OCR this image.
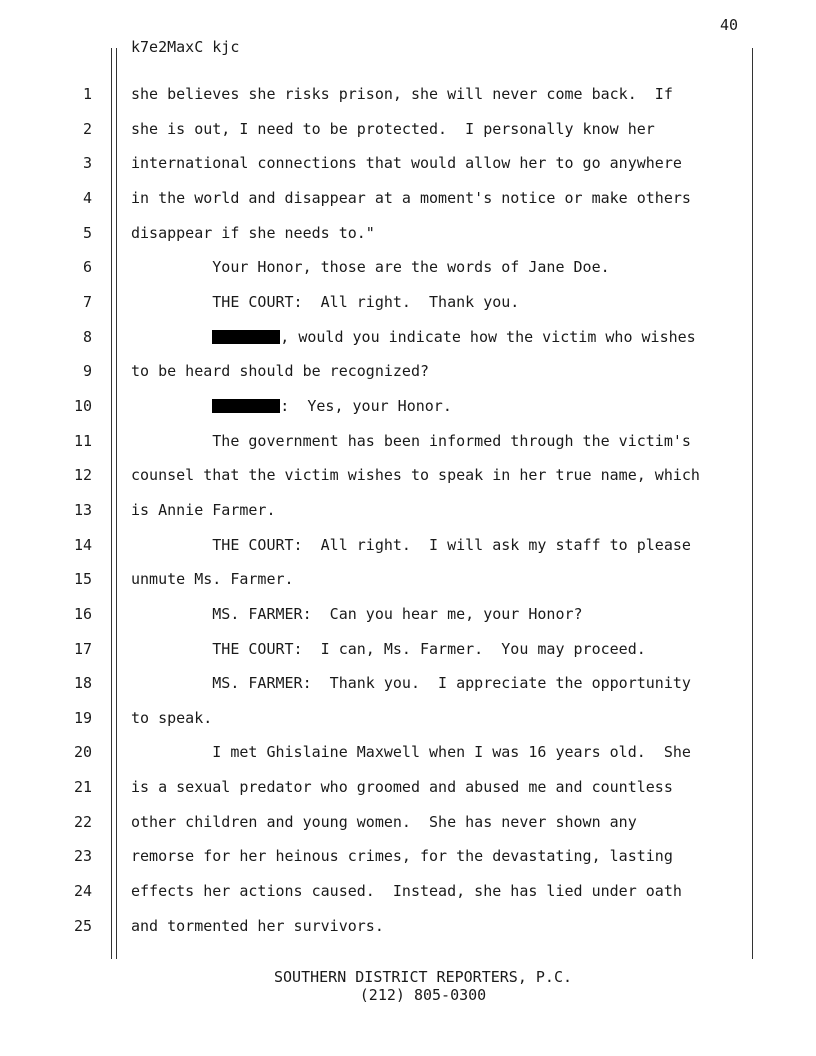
40
k7e2MaxC kjc
1	she believes she risks prison, she will never come back.  If
2	she is out, I need to be protected.  I personally know her
3	international connections that would allow her to go anywhere
4	in the world and disappear at a moment's notice or make others
5	disappear if she needs to."
6	Your Honor, those are the words of Jane Doe.
7	THE COURT:  All right.  Thank you.
8	, would you indicate how the victim who wishes
9	to be heard should be recognized?
10	:  Yes, your Honor.
11	The government has been informed through the victim's
12	counsel that the victim wishes to speak in her true name, which
13	is Annie Farmer.
14	THE COURT:  All right.  I will ask my staff to please
15	unmute Ms. Farmer.
16	MS. FARMER:  Can you hear me, your Honor?
17	THE COURT:  I can, Ms. Farmer.  You may proceed.
18	MS. FARMER:  Thank you.  I appreciate the opportunity
19	to speak.
20	I met Ghislaine Maxwell when I was 16 years old.  She
21	is a sexual predator who groomed and abused me and countless
22	other children and young women.  She has never shown any
23	remorse for her heinous crimes, for the devastating, lasting
24	effects her actions caused.  Instead, she has lied under oath
25	and tormented her survivors.
SOUTHERN DISTRICT REPORTERS, P.C.
(212) 805-0300
